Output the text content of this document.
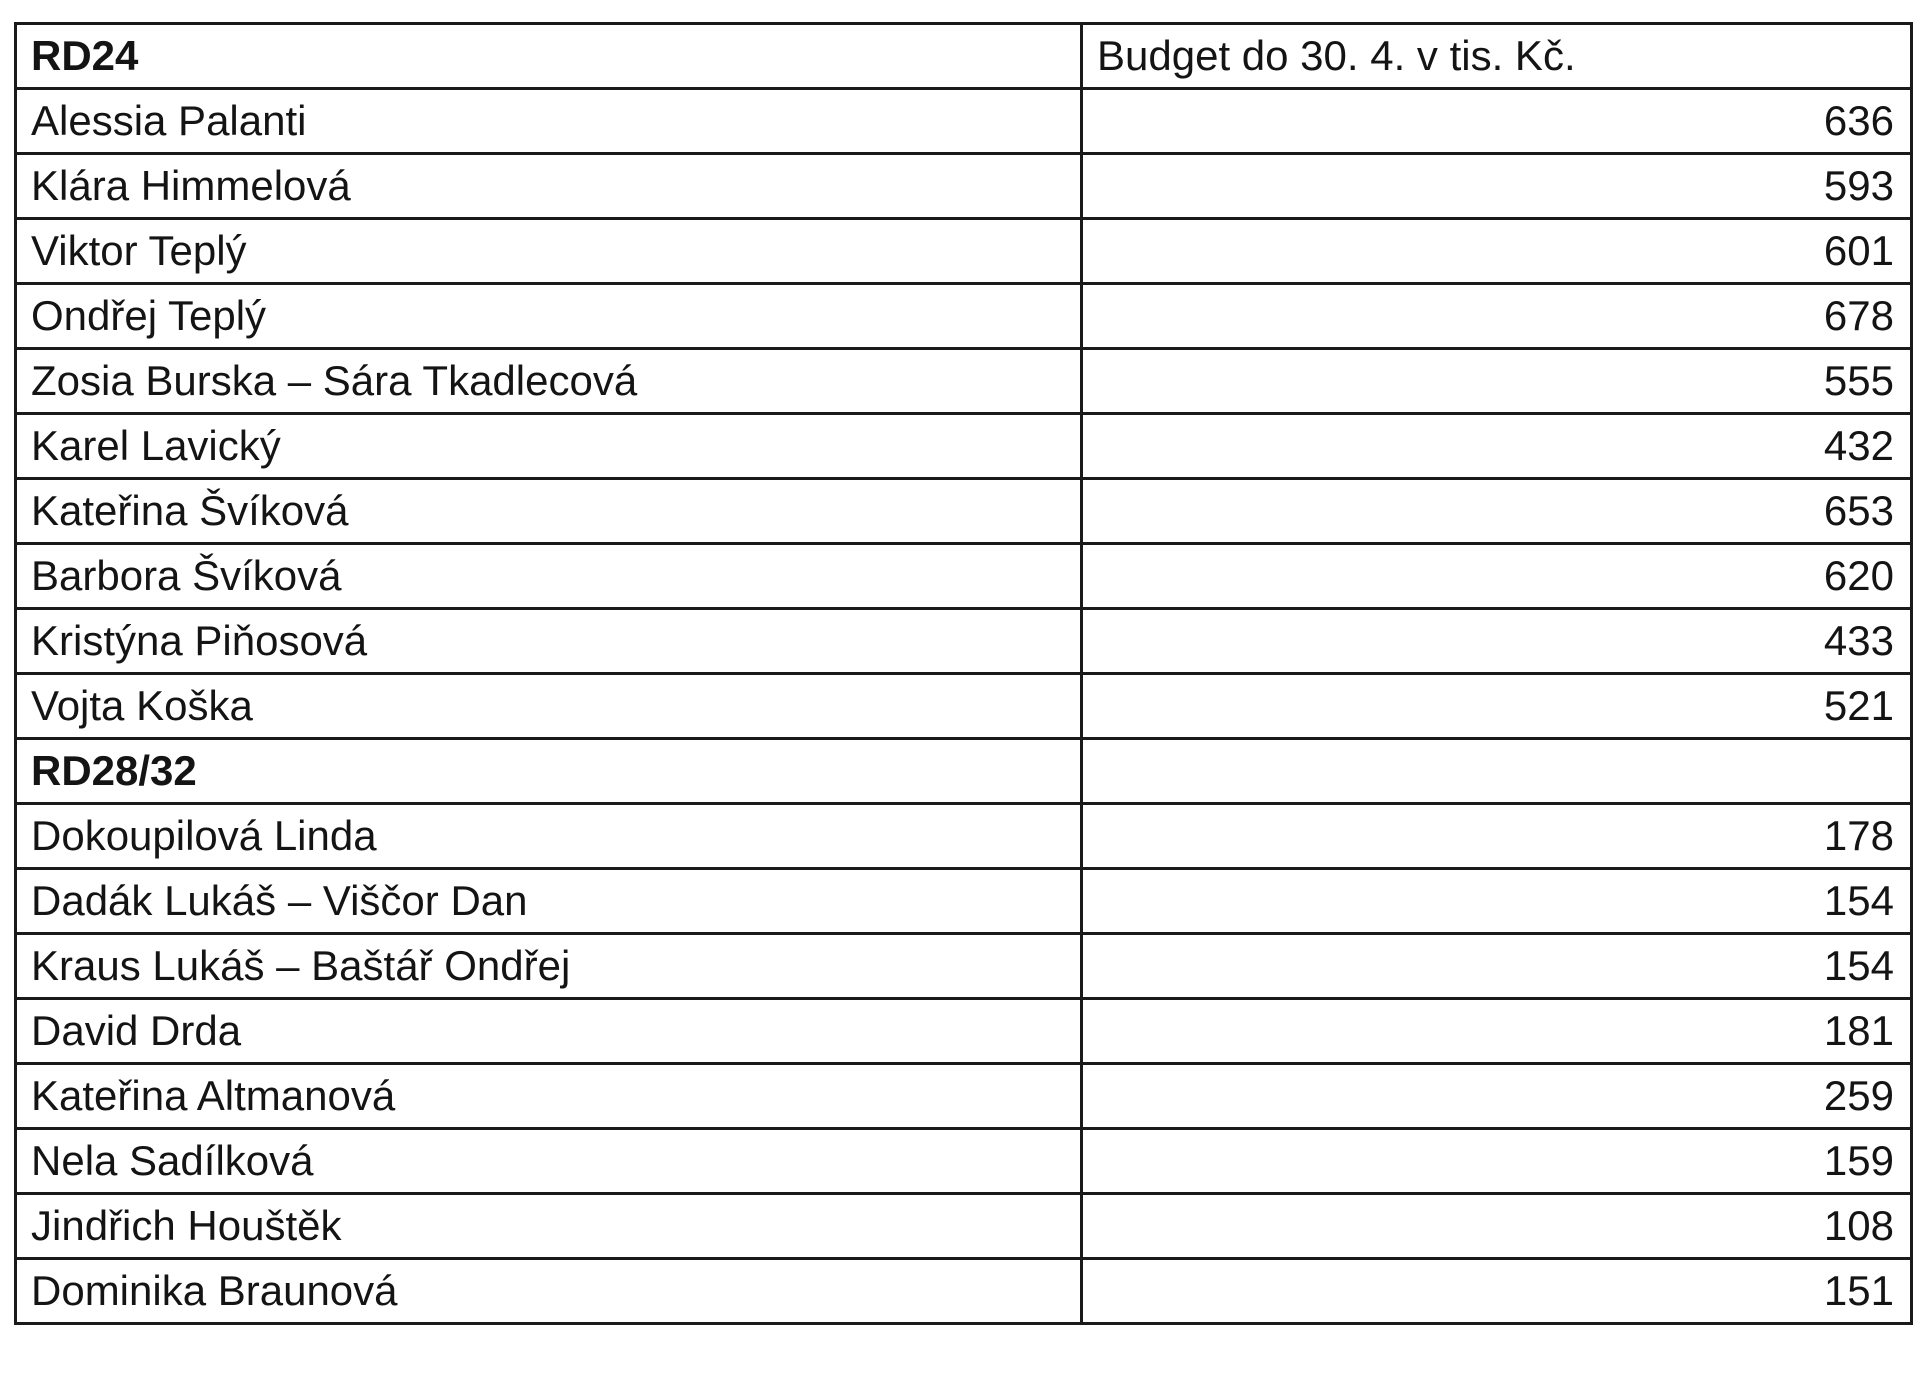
RD24	Budget do 30. 4. v tis. Kč.
Alessia Palanti	636
Klára Himmelová	593
Viktor Teplý	601
Ondřej Teplý	678
Zosia Burska – Sára Tkadlecová	555
Karel Lavický	432
Kateřina Švíková	653
Barbora Švíková	620
Kristýna Piňosová	433
Vojta Koška	521
RD28/32	
Dokoupilová Linda	178
Dadák Lukáš – Viščor Dan	154
Kraus Lukáš – Baštář Ondřej	154
David Drda	181
Kateřina Altmanová	259
Nela Sadílková	159
Jindřich Houštěk	108
Dominika Braunová	151
